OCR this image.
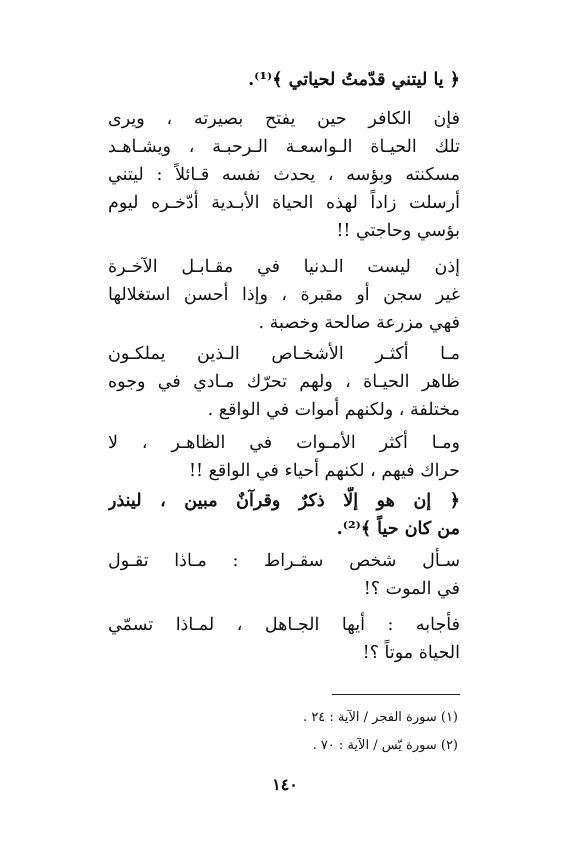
﴿ يا ليتني قدّمتُ لحياتي ﴾⁽¹⁾.
فإن الكافر حين يفتح بصيرته ، ويرى
تلك الحيـاة الـواسعـة الـرحبـة ، ويشـاهـد
مسكنته وبؤسه ، يحدث نفسه قـائلاً : ليتني
أرسلت زاداً لهذه الحياة الأبـدية أدّخـره ليوم
بؤسي وحاجتي !!
إذن ليست الـدنيا في مقـابـل الآخـرة
غير سجن أو مقبرة ، وإذا أحسن استغلالها
فهي مزرعة صالحة وخصبة .
مـا أكثـر الأشخـاص الـذين يملكـون
ظاهر الحيـاة ، ولهم تحرّك مـادي في وجوه
مختلفة ، ولكنهم أموات في الواقع .
ومـا أكثر الأمـوات في الظاهـر ، لا
حراك فيهم ، لكنهم أحياء في الواقع !!
﴿ إن هو إلّا ذكرٌ وقرآنٌ مبين ، لينذر
من كان حياً ﴾⁽²⁾.
سـأل شخص سقـراط : مـاذا تقـول
في الموت ؟!
فأجابه : أيها الجـاهل ، لمـاذا تسمّي
الحياة موتاً ؟!
(١) سورة الفجر / الآية : ٢٤ .
(٢) سورة يّس / الآية : ٧٠ .
١٤٠
